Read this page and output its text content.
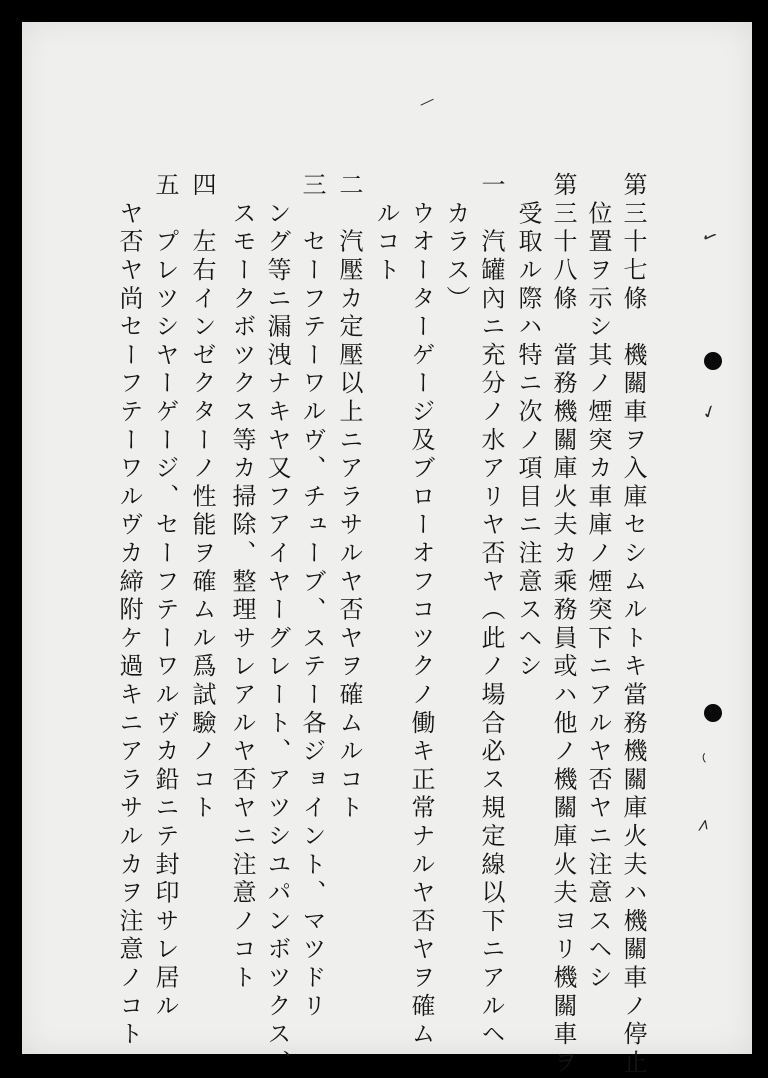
第三十七條　機關車ヲ入庫セシムルトキ當務機關庫火夫ハ機關車ノ停止
　位置ヲ示シ其ノ煙突カ車庫ノ煙突下ニアルヤ否ヤニ注意スヘシ
第三十八條　當務機關庫火夫カ乘務員或ハ他ノ機關庫火夫ヨリ機關車ヲ
　受取ル際ハ特ニ次ノ項目ニ注意スヘシ
一　汽罐內ニ充分ノ水アリヤ否ヤ（此ノ場合必ス規定線以下ニアルヘ
　カラス）
　ウオーターゲージ及ブローオフコツクノ働キ正常ナルヤ否ヤヲ確ム
　ルコト
二　汽壓カ定壓以上ニアラサルヤ否ヤヲ確ムルコト
三　セーフテーワルヴ、チューブ、ステー各ジョイント、マツドリ
　ング等ニ漏洩ナキヤ又フアイヤーグレート、アツシユパンボツクス、
　スモークボツクス等カ掃除、整理サレアルヤ否ヤニ注意ノコト
四　左右インゼクターノ性能ヲ確ムル爲試驗ノコト
五　プレツシヤーゲージ、セーフテーワルヴカ鉛ニテ封印サレ居ル
　ヤ否ヤ尚セーフテーワルヴカ締附ケ過キニアラサルカヲ注意ノコト	✓
✓
◟
⩘
―
